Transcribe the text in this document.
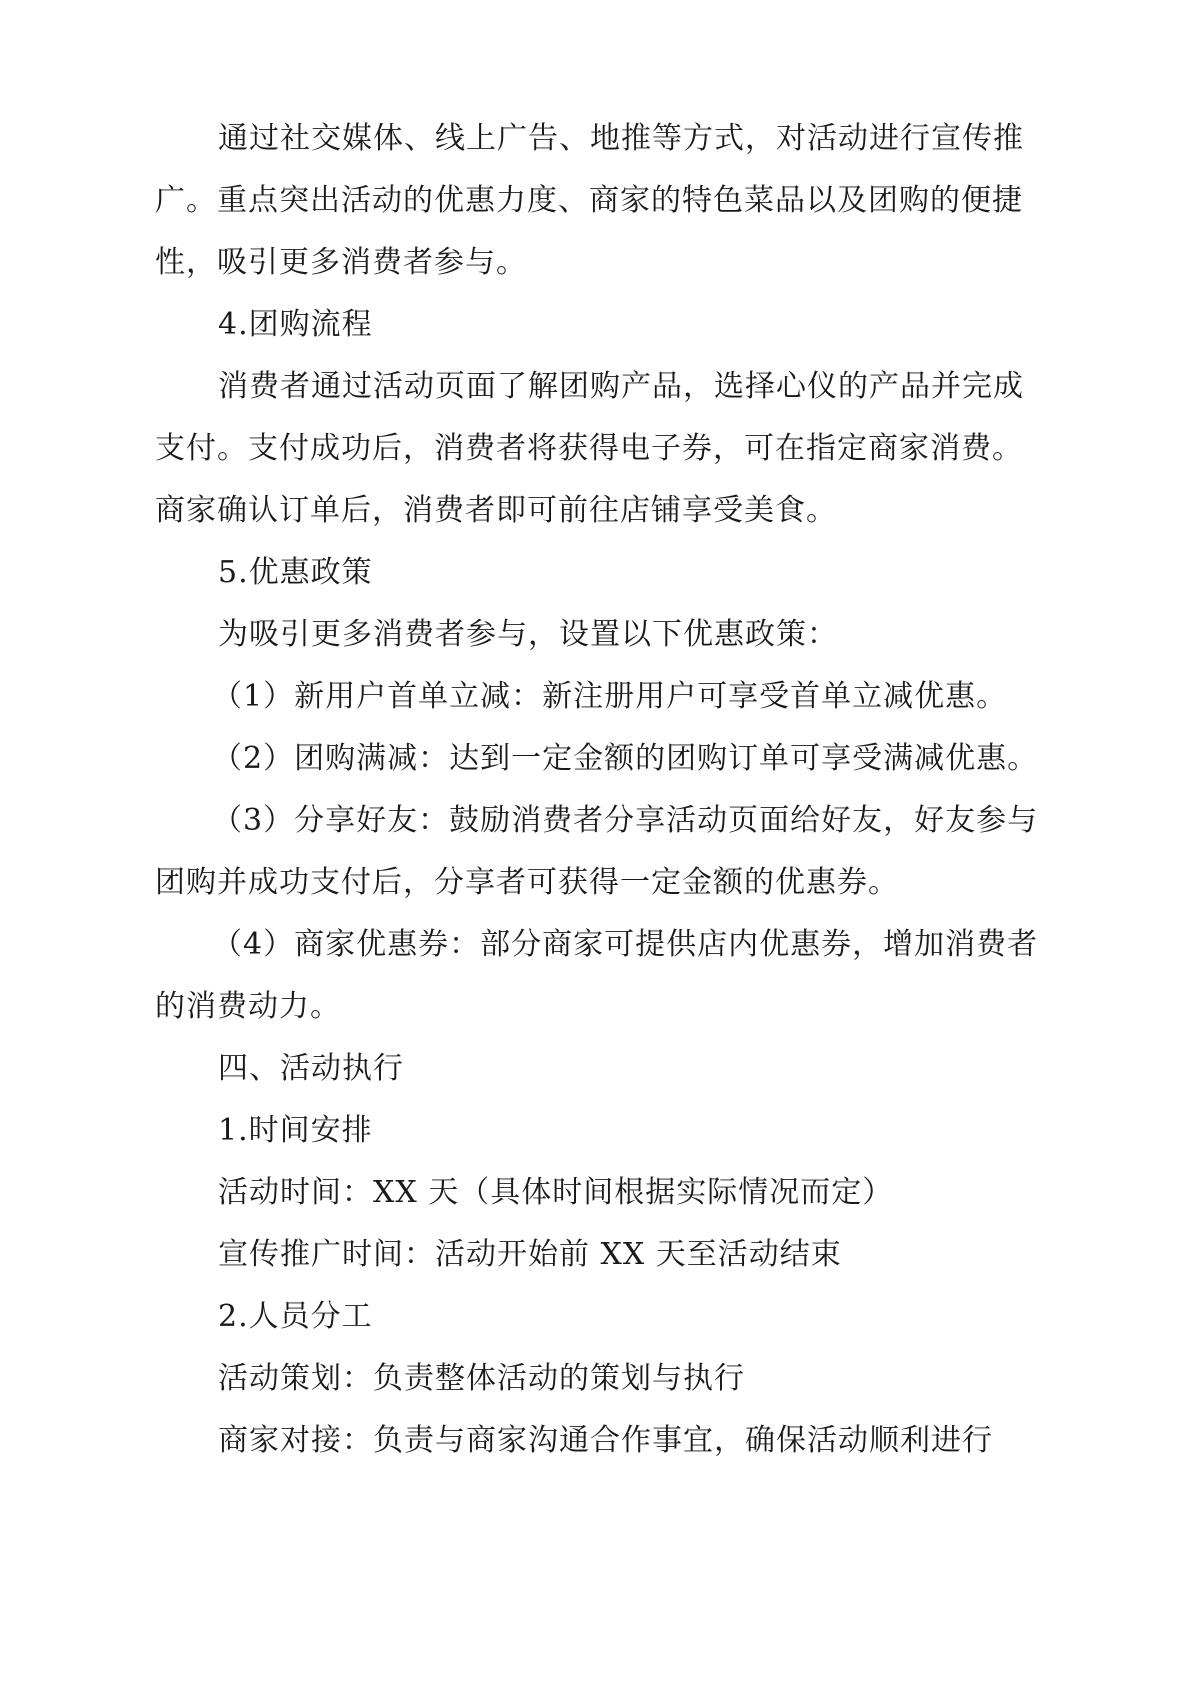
通过社交媒体、线上广告、地推等方式，对活动进行宣传推
广。重点突出活动的优惠力度、商家的特色菜品以及团购的便捷
性，吸引更多消费者参与。
4.团购流程
消费者通过活动页面了解团购产品，选择心仪的产品并完成
支付。支付成功后，消费者将获得电子券，可在指定商家消费。
商家确认订单后，消费者即可前往店铺享受美食。
5.优惠政策
为吸引更多消费者参与，设置以下优惠政策：
（1）新用户首单立减：新注册用户可享受首单立减优惠。
（2）团购满减：达到一定金额的团购订单可享受满减优惠。
（3）分享好友：鼓励消费者分享活动页面给好友，好友参与
团购并成功支付后，分享者可获得一定金额的优惠券。
（4）商家优惠券：部分商家可提供店内优惠券，增加消费者
的消费动力。
四、活动执行
1.时间安排
活动时间：XX 天（具体时间根据实际情况而定）
宣传推广时间：活动开始前 XX 天至活动结束
2.人员分工
活动策划：负责整体活动的策划与执行
商家对接：负责与商家沟通合作事宜，确保活动顺利进行
